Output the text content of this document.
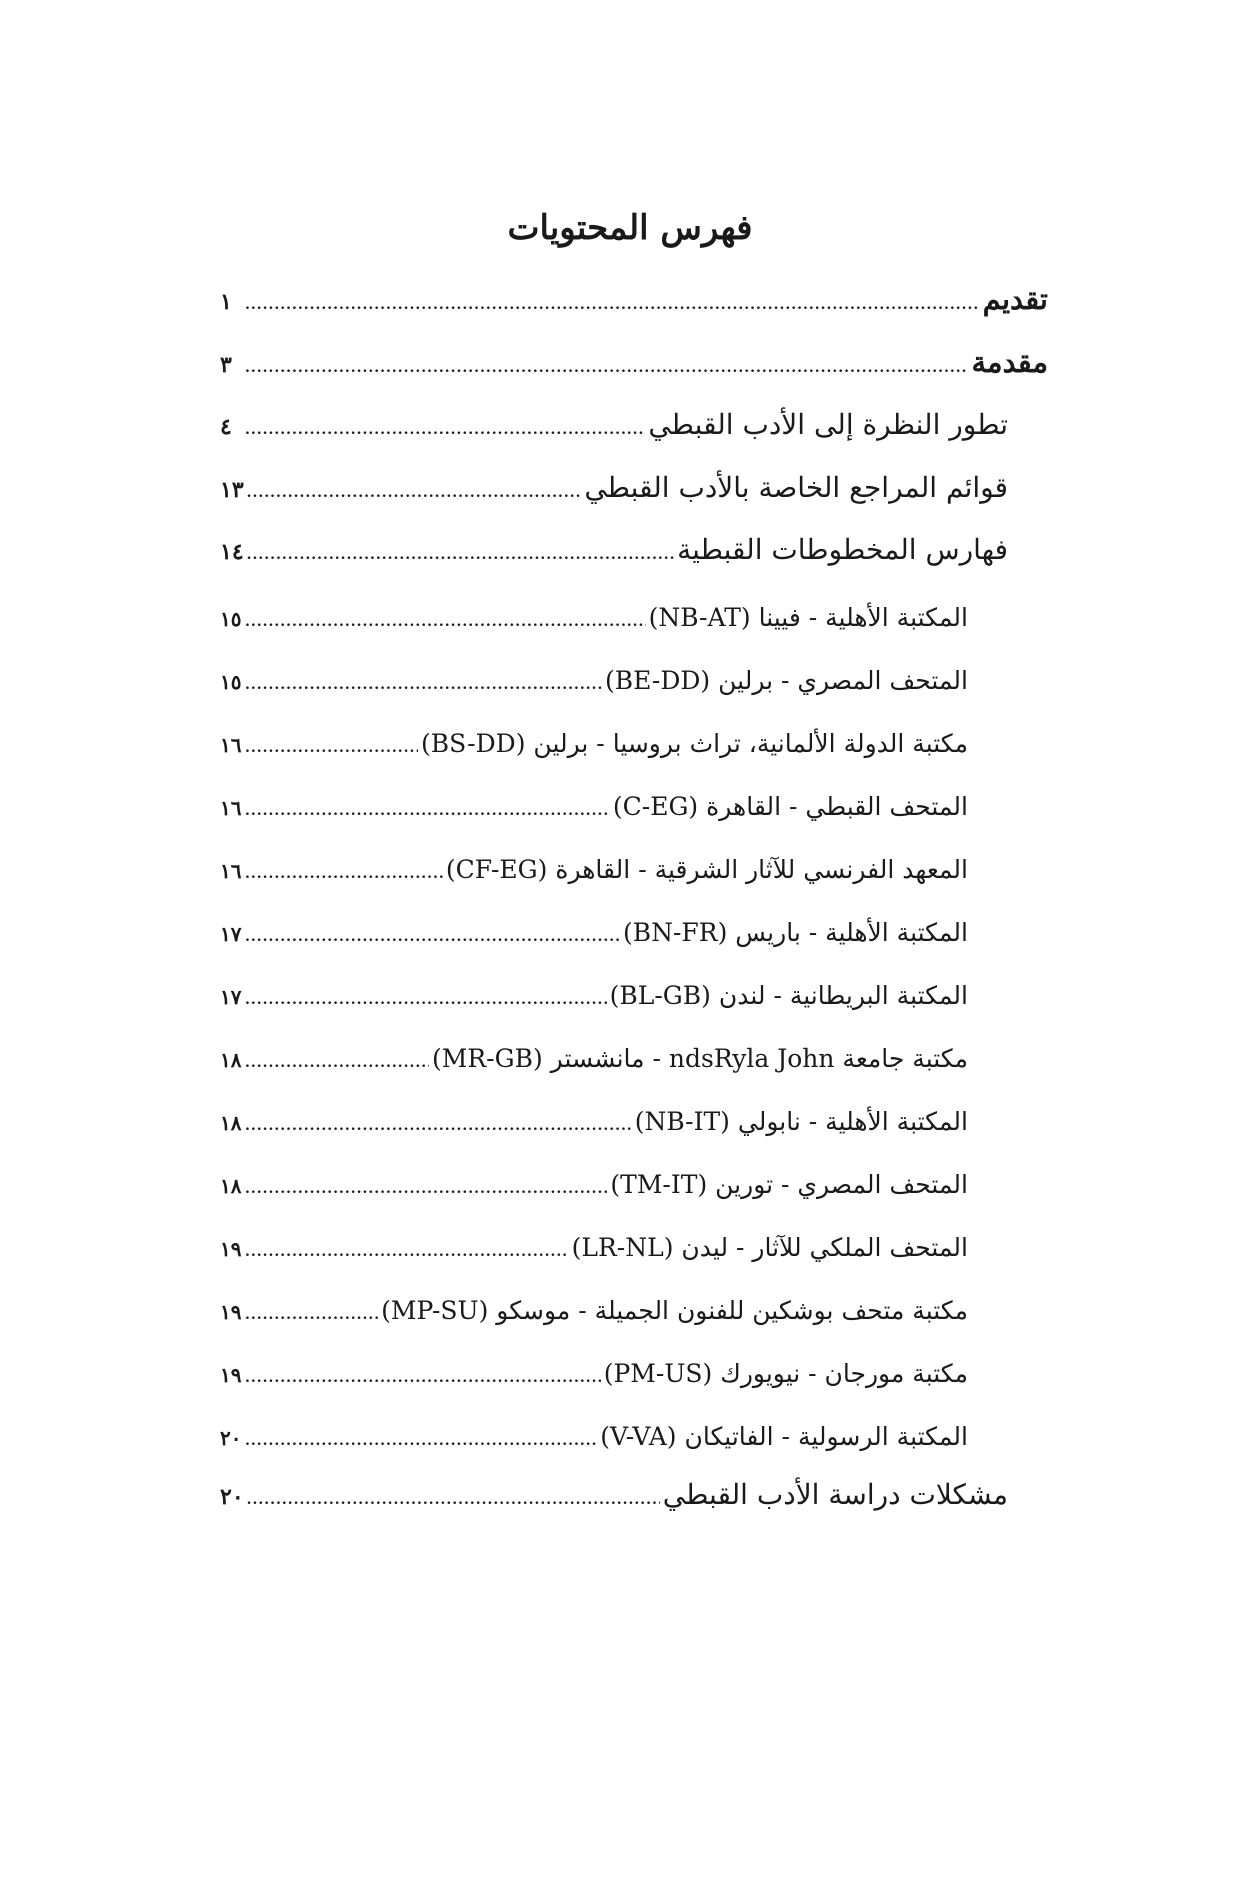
فهرس المحتويات
تقديم
.....
١
مقدمة
.....
٣
تطور النظرة إلى الأدب القبطي
.....
٤
قوائم المراجع الخاصة بالأدب القبطي
.....
١٣
فهارس المخطوطات القبطية
.....
١٤
المكتبة الأهلية - فيينا (NB-AT)
.....
١٥
المتحف المصري - برلين (BE-DD)
.....
١٥
مكتبة الدولة الألمانية، تراث بروسيا - برلين (BS-DD)
.....
١٦
المتحف القبطي - القاهرة (C-EG)
.....
١٦
المعهد الفرنسي للآثار الشرقية - القاهرة (CF-EG)
.....
١٦
المكتبة الأهلية - باريس (BN-FR)
.....
١٧
المكتبة البريطانية - لندن (BL-GB)
.....
١٧
مكتبة جامعة ndsRyla John - مانشستر (MR-GB)
.....
١٨
المكتبة الأهلية - نابولي (NB-IT)
.....
١٨
المتحف المصري - تورين (TM-IT)
.....
١٨
المتحف الملكي للآثار - ليدن (LR-NL)
.....
١٩
مكتبة متحف بوشكين للفنون الجميلة - موسكو (MP-SU)
.....
١٩
مكتبة مورجان - نيويورك (PM-US)
.....
١٩
المكتبة الرسولية - الفاتيكان (V-VA)
.....
٢٠
مشكلات دراسة الأدب القبطي
.....
٢٠
